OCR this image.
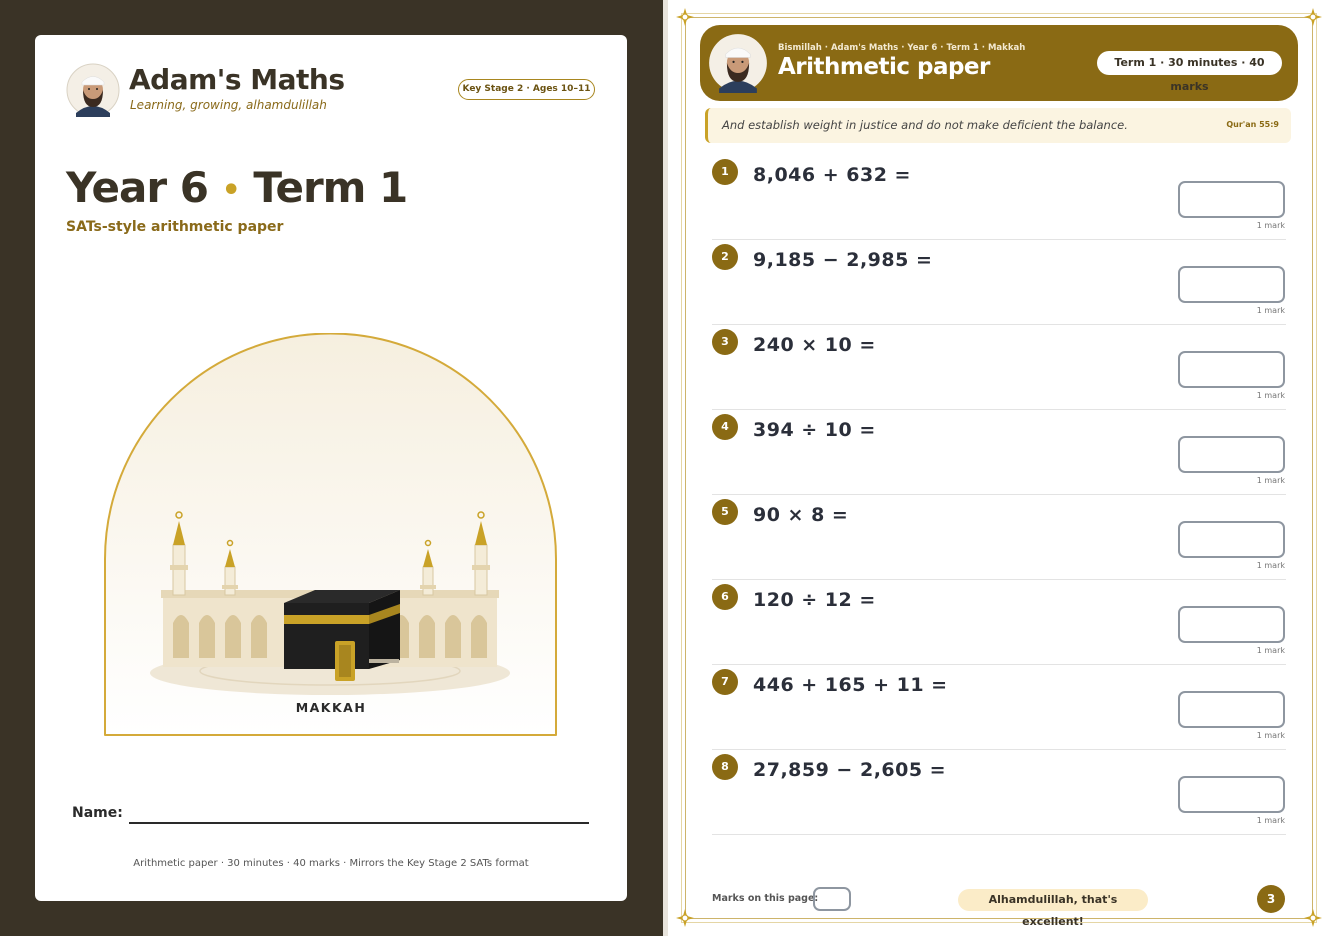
Adam's Maths
Learning, growing, alhamdulillah
Key Stage 2 · Ages 10–11
Year 6 • Term 1
SATs-style arithmetic paper
MAKKAH
Name:
Arithmetic paper · 30 minutes · 40 marks · Mirrors the Key Stage 2 SATs format
Bismillah · Adam's Maths · Year 6 · Term 1 · Makkah
Arithmetic paper	Term 1 · 30 minutes · 40 marks
And establish weight in justice and do not make deficient the balance.	Qur'an 55:9
1	8,046 + 632 =
1 mark
2	9,185 − 2,985 =
1 mark
3	240 × 10 =
1 mark
4	394 ÷ 10 =
1 mark
5	90 × 8 =
1 mark
6	120 ÷ 12 =
1 mark
7	446 + 165 + 11 =
1 mark
8	27,859 − 2,605 =
1 mark
Marks on this page:	Alhamdulillah, that's excellent!
3
